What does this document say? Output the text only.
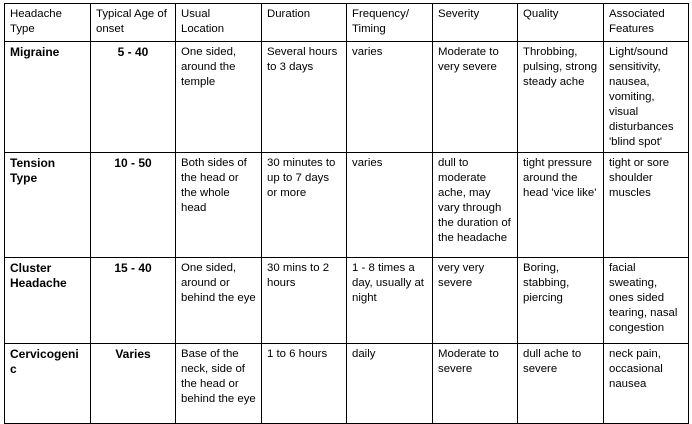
Headache Type	Typical Age of onset	Usual Location	Duration	Frequency/ Timing	Severity	Quality	Associated Features
Migraine	5 - 40	One sided, around the temple	Several hours to 3 days	varies	Moderate to very severe	Throbbing, pulsing, strong steady ache	Light/sound sensitivity, nausea, vomiting, visual disturbances 'blind spot'
Tension Type	10 - 50	Both sides of the head or the whole head	30 minutes to up to 7 days or more	varies	dull to moderate ache, may vary through the duration of the headache	tight pressure around the head 'vice like'	tight or sore shoulder muscles
Cluster Headache	15 - 40	One sided, around or behind the eye	30 mins to 2 hours	1 - 8 times a day, usually at night	very very severe	Boring, stabbing, piercing	facial sweating, ones sided tearing, nasal congestion
Cervicogenic	Varies	Base of the neck, side of the head or behind the eye	1 to 6 hours	daily	Moderate to severe	dull ache to severe	neck pain, occasional nausea
